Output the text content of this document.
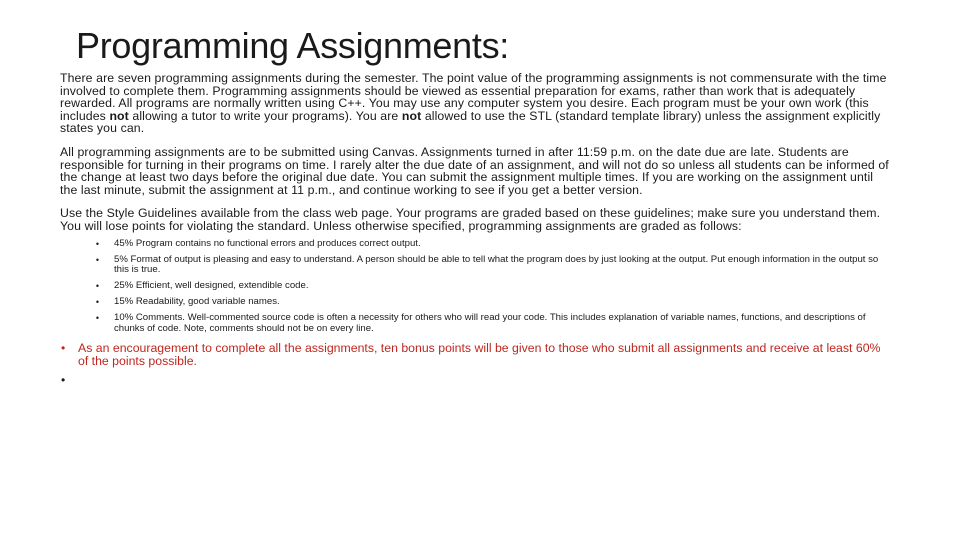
Programming Assignments:

There are seven programming assignments during the semester. The point value of the programming assignments is not commensurate with the time involved to complete them. Programming assignments should be viewed as essential preparation for exams, rather than work that is adequately rewarded. All programs are normally written using C++. You may use any computer system you desire. Each program must be your own work (this includes not allowing a tutor to write your programs). You are not allowed to use the STL (standard template library) unless the assignment explicitly states you can.

All programming assignments are to be submitted using Canvas. Assignments turned in after 11:59 p.m. on the date due are late. Students are responsible for turning in their programs on time. I rarely alter the due date of an assignment, and will not do so unless all students can be informed of the change at least two days before the original due date. You can submit the assignment multiple times. If you are working on the assignment until the last minute, submit the assignment at 11 p.m., and continue working to see if you get a better version.

Use the Style Guidelines available from the class web page. Your programs are graded based on these guidelines; make sure you understand them. You will lose points for violating the standard. Unless otherwise specified, programming assignments are graded as follows:

45% Program contains no functional errors and produces correct output.
5% Format of output is pleasing and easy to understand. A person should be able to tell what the program does by just looking at the output. Put enough information in the output so this is true.
25% Efficient, well designed, extendible code.
15% Readability, good variable names.
10% Comments. Well-commented source code is often a necessity for others who will read your code. This includes explanation of variable names, functions, and descriptions of chunks of code. Note, comments should not be on every line.
As an encouragement to complete all the assignments, ten bonus points will be given to those who submit all assignments and receive at least 60% of the points possible.
